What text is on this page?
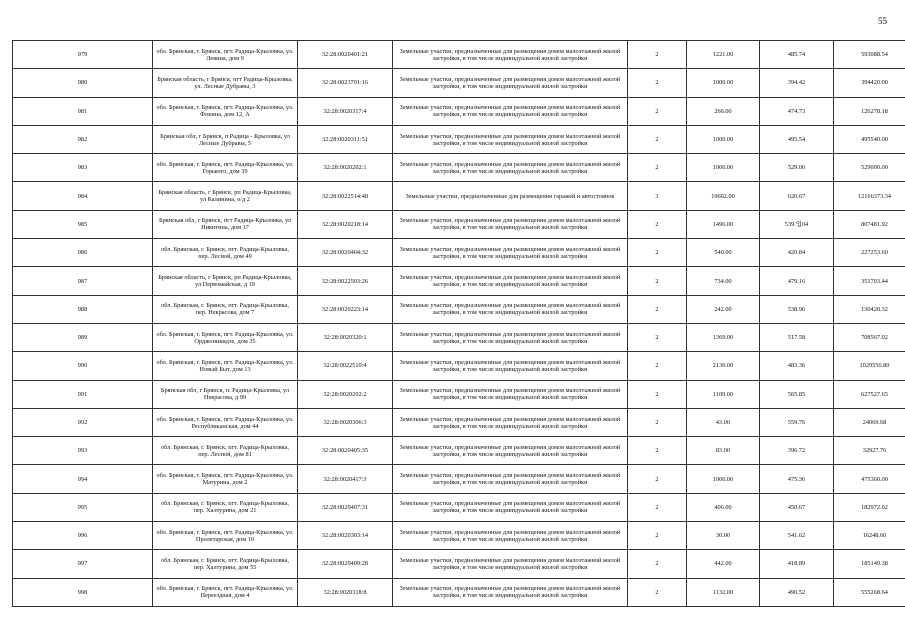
55
979	обл. Брянская, г. Брянск, пгт. Радица-Крыловка, ул. Левина, дом 9	32:28:0020401:21	Земельные участки, предназначенные для размещения домов малоэтажной жилой застройки, в том числе индивидуальной жилой застройки	2	1221.00	485.74	593088.54
980	Брянская область, г Брянск, пгт Радица-Крыловка, ул. Лесные Дубравы, 3	32:28:0023701:16	Земельные участки, предназначенные для размещения домов малоэтажной жилой застройки, в том числе индивидуальной жилой застройки	2	1000.00	394.42	394420.00
981	обл. Брянская, г. Брянск, пгт. Радица-Крыловка, ул. Фокина, дом 12, А	32:28:0020317:4	Земельные участки, предназначенные для размещения домов малоэтажной жилой застройки, в том числе индивидуальной жилой застройки	2	266.00	474.73	126278.18
982	Брянская обл, г Брянск, п Радица - Крыловка, ул Лесные Дубравы, 5	32:28:0020311:51	Земельные участки, предназначенные для размещения домов малоэтажной жилой застройки, в том числе индивидуальной жилой застройки	2	1000.00	495.54	495540.00
983	обл. Брянская, г. Брянск, пгт. Радица-Крыловка, ул. Горького, дом 39	32:28:0020202:1	Земельные участки, предназначенные для размещения домов малоэтажной жилой застройки, в том числе индивидуальной жилой застройки	2	1000.00	529.00	529000.00
984	Брянская область, г Брянск, рп Радица-Крыловка, ул Калинина, о/д 2	32:28:0022514:48	Земельные участки, предназначенные для размещения гаражей и автостоянок	3	19602.00	620.67	12166373.34
985	Брянская обл, г Брянск, пгт Радица-Крыловка, ул Никитина, дом 17	32:28:0020218:14	Земельные участки, предназначенные для размещения домов малоэтажной жилой застройки, в том числе индивидуальной жилой застройки	2	1496.00	539.업04	807481.92
986	обл. Брянская, г. Брянск, пгт. Радица-Крыловка, пер. Лесной, дом 49	32:28:0020404:32	Земельные участки, предназначенные для размещения домов малоэтажной жилой застройки, в том числе индивидуальной жилой застройки	2	540.00	420.84	227253.60
987	Брянская область, г Брянск, рп Радица-Крыловка, ул Первомайская, д 19	32:28:0022503:26	Земельные участки, предназначенные для размещения домов малоэтажной жилой застройки, в том числе индивидуальной жилой застройки	2	734.00	479.16	351703.44
988	обл. Брянская, г. Брянск, пгт. Радица-Крыловка, пер. Некрасова, дом 7	32:28:0020223:14	Земельные участки, предназначенные для размещения домов малоэтажной жилой застройки, в том числе индивидуальной жилой застройки	2	242.00	538.96	130428.32
989	обл. Брянская, г. Брянск, пгт. Радица-Крыловка, ул. Орджоникидзе, дом 35	32:28:0020320:1	Земельные участки, предназначенные для размещения домов малоэтажной жилой застройки, в том числе индивидуальной жилой застройки	2	1369.00	517.58	708567.02
990	обл. Брянская, г. Брянск, пгт. Радица-Крыловка, ул. Новый Быт, дом 13	32:28:0022510:4	Земельные участки, предназначенные для размещения домов малоэтажной жилой застройки, в том числе индивидуальной жилой застройки	2	2130.00	483.36	1029556.80
991	Брянская обл, г Брянск, п. Радица-Крыловка, ул Некрасова, д 99	32:28:0020202:2	Земельные участки, предназначенные для размещения домов малоэтажной жилой застройки, в том числе индивидуальной жилой застройки	2	1109.00	565.85	627527.65
992	обл. Брянская, г. Брянск, пгт. Радица-Крыловка, ул. Республиканская, дом 44	32:28:0020306:3	Земельные участки, предназначенные для размещения домов малоэтажной жилой застройки, в том числе индивидуальной жилой застройки	2	43.00	559.76	24069.68
993	обл. Брянская, г. Брянск, пгт. Радица-Крыловка, пер. Лесной, дом 81	32:28:0020405:35	Земельные участки, предназначенные для размещения домов малоэтажной жилой застройки, в том числе индивидуальной жилой застройки	2	83.00	396.72	32927.76
994	обл. Брянская, г. Брянск, пгт. Радица-Крыловка, ул. Матурина, дом 2	32:28:0020417:3	Земельные участки, предназначенные для размещения домов малоэтажной жилой застройки, в том числе индивидуальной жилой застройки	2	1000.00	475.36	475360.00
995	обл. Брянская, г. Брянск, пгт. Радица-Крыловка, пер. Халтурина, дом 21	32:28:0020407:31	Земельные участки, предназначенные для размещения домов малоэтажной жилой застройки, в том числе индивидуальной жилой застройки	2	406.00	450.67	182972.02
996	обл. Брянская, г. Брянск, пгт. Радица-Крыловка, ул. Пролетарская, дом 10	32:28:0020303:14	Земельные участки, предназначенные для размещения домов малоэтажной жилой застройки, в том числе индивидуальной жилой застройки	2	30.00	541.62	16248.60
997	обл. Брянская, г. Брянск, пгт. Радица-Крыловка, пер. Халтурина, дом 55	32:28:0020409:28	Земельные участки, предназначенные для размещения домов малоэтажной жилой застройки, в том числе индивидуальной жилой застройки	2	442.00	418.89	185149.38
998	обл. Брянская, г. Брянск, пгт. Радица-Крыловка, ул. Переездная, дом 4	32:28:0020318:8	Земельные участки, предназначенные для размещения домов малоэтажной жилой застройки, в том числе индивидуальной жилой застройки	2	1132.00	490.52	555268.64
